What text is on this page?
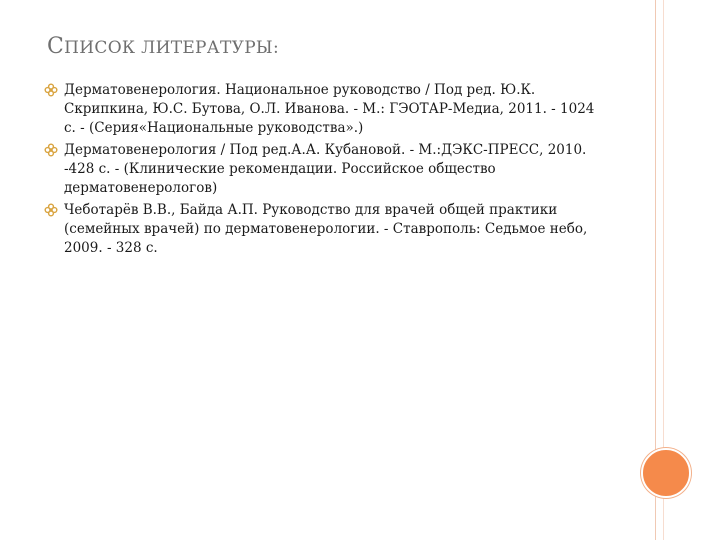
СПИСОК ЛИТЕРАТУРЫ:
Дерматовенерология. Национальное руководство / Под ред. Ю.К. Скрипкина, Ю.С. Бутова, О.Л. Иванова. - М.: ГЭОТАР-Медиа, 2011. - 1024 с. - (Серия«Национальные руководства».)
Дерматовенерология / Под ред.А.А. Кубановой. - М.:ДЭКС-ПРЕСС, 2010. -428 с. - (Клинические рекомендации. Российское общество дерматовенерологов)
Чеботарёв В.В., Байда А.П. Руководство для врачей общей практики (семейных врачей) по дерматовенерологии. - Ставрополь: Седьмое небо, 2009. - 328 с.
